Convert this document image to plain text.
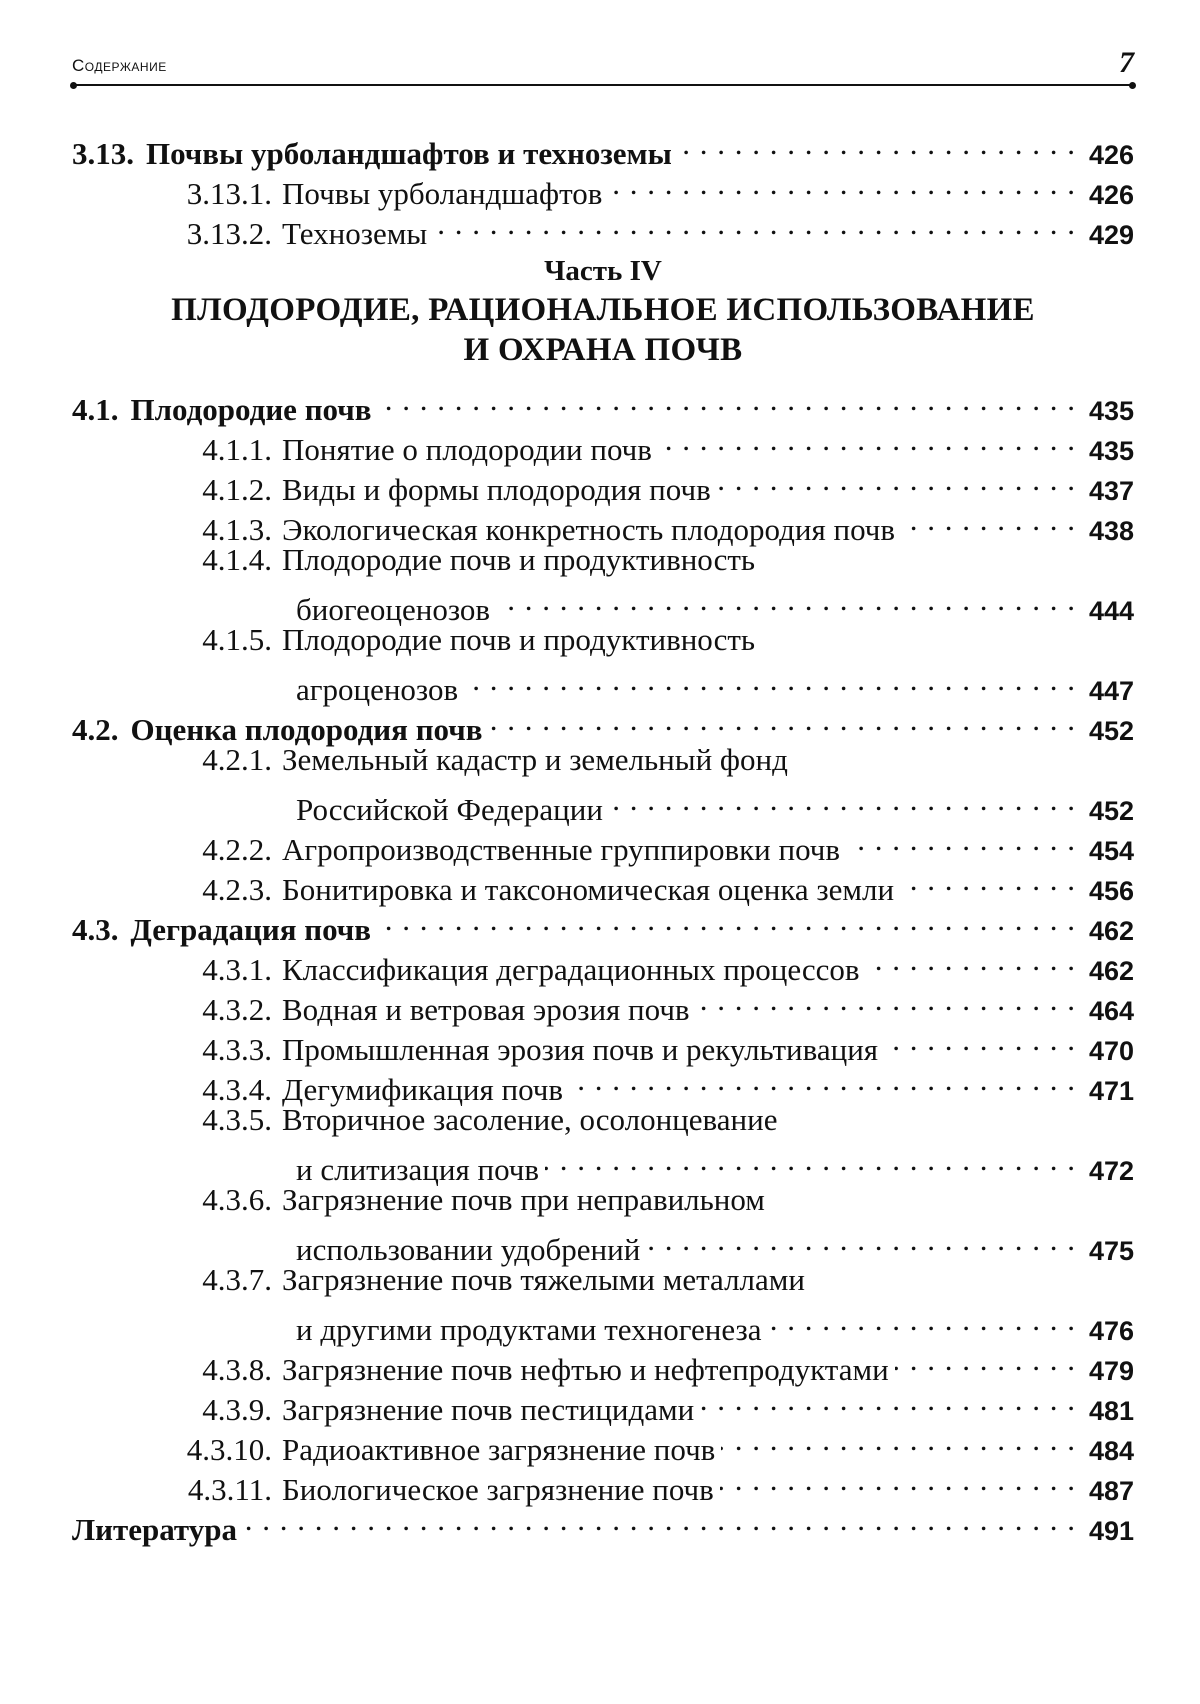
Содержание	7
3.13. Почвы урболандшафтов и техноземы . . .	426
3.13.1. Почвы урболандшафтов . . .	426
3.13.2. Техноземы . . .	429
Часть IV
ПЛОДОРОДИЕ, РАЦИОНАЛЬНОЕ ИСПОЛЬЗОВАНИЕ
И ОХРАНА ПОЧВ
4.1. Плодородие почв . . .	435
4.1.1. Понятие о плодородии почв . . .	435
4.1.2. Виды и формы плодородия почв . . .	437
4.1.3. Экологическая конкретность плодородия почв . . .	438
4.1.4. Плодородие почв и продуктивность
биогеоценозов . . .	444
4.1.5. Плодородие почв и продуктивность
агроценозов . . .	447
4.2. Оценка плодородия почв . . .	452
4.2.1. Земельный кадастр и земельный фонд
Российской Федерации . . .	452
4.2.2. Агропроизводственные группировки почв . . .	454
4.2.3. Бонитировка и таксономическая оценка земли . . .	456
4.3. Деградация почв . . .	462
4.3.1. Классификация деградационных процессов . . .	462
4.3.2. Водная и ветровая эрозия почв . . .	464
4.3.3. Промышленная эрозия почв и рекультивация . . .	470
4.3.4. Дегумификация почв . . .	471
4.3.5. Вторичное засоление, осолонцевание
и слитизация почв . . .	472
4.3.6. Загрязнение почв при неправильном
использовании удобрений . . .	475
4.3.7. Загрязнение почв тяжелыми металлами
и другими продуктами техногенеза . . .	476
4.3.8. Загрязнение почв нефтью и нефтепродуктами . . .	479
4.3.9. Загрязнение почв пестицидами . . .	481
4.3.10. Радиоактивное загрязнение почв . . .	484
4.3.11. Биологическое загрязнение почв . . .	487
Литература . . .	491
